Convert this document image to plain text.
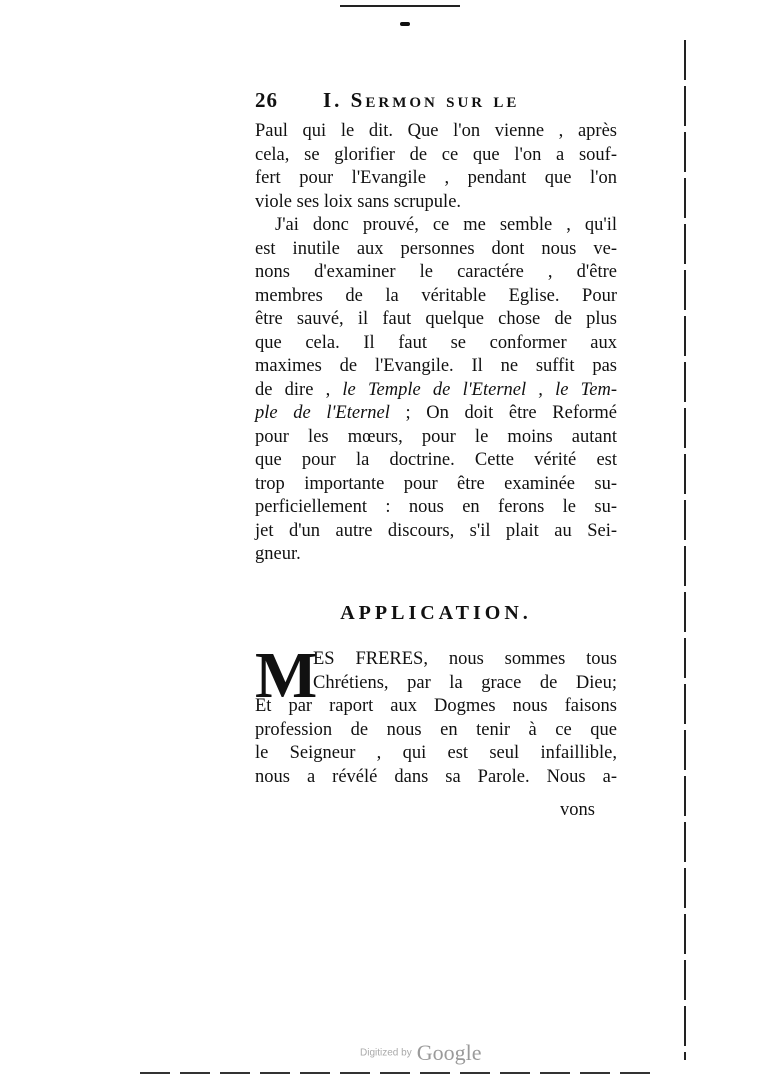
26 I. Sermon sur le
Paul qui le dit. Que l'on vienne , après
cela, se glorifier de ce que l'on a souf-
fert pour l'Evangile , pendant que l'on
viole ses loix sans scrupule.
J'ai donc prouvé, ce me semble , qu'il
est inutile aux personnes dont nous ve-
nons d'examiner le caractére , d'être
membres de la véritable Eglise. Pour
être sauvé, il faut quelque chose de plus
que cela. Il faut se conformer aux
maximes de l'Evangile. Il ne suffit pas
de dire , le Temple de l'Eternel , le Tem-
ple de l'Eternel ; On doit être Reformé
pour les mœurs, pour le moins autant
que pour la doctrine. Cette vérité est
trop importante pour être examinée su-
perficiellement : nous en ferons le su-
jet d'un autre discours, s'il plait au Sei-
gneur.
APPLICATION.
M
ES FRERES, nous sommes tous
Chrétiens, par la grace de Dieu;
Et par raport aux Dogmes nous faisons
profession de nous en tenir à ce que
le Seigneur , qui est seul infaillible,
nous a révélé dans sa Parole. Nous a-
vons
Digitized by Google
